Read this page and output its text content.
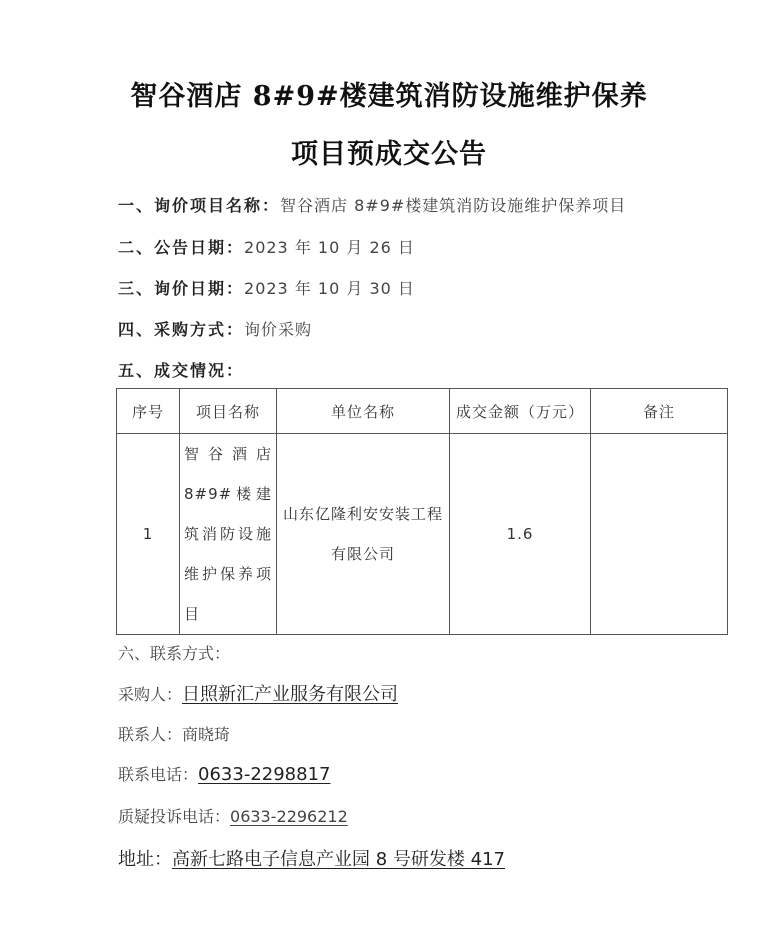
智谷酒店 8#9#楼建筑消防设施维护保养
项目预成交公告
一、询价项目名称：智谷酒店 8#9#楼建筑消防设施维护保养项目
二、公告日期：2023 年 10 月 26 日
三、询价日期：2023 年 10 月 30 日
四、采购方式：询价采购
五、成交情况：
序号	项目名称	单位名称	成交金额（万元）	备注
1	智谷酒店8#9#楼建筑消防设施维护保养项目	山东亿隆利安安装工程有限公司	1.6	
六、联系方式：
采购人：日照新汇产业服务有限公司
联系人：商晓琦
联系电话：0633-2298817
质疑投诉电话：0633-2296212
地址：高新七路电子信息产业园 8 号研发楼 417
